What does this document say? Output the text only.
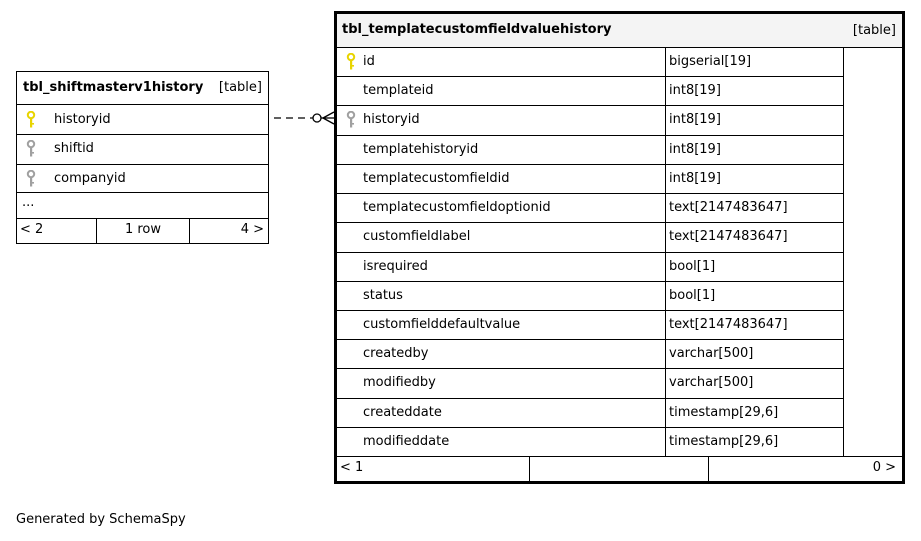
tbl_shiftmasterv1history [table]
historyid
shiftid
companyid
...
< 2	1 row	4 >
tbl_templatecustomfieldvaluehistory	[table]
id	bigserial[19]
templateid	int8[19]
historyid	int8[19]
templatehistoryid	int8[19]
templatecustomfieldid	int8[19]
templatecustomfieldoptionid	text[2147483647]
customfieldlabel	text[2147483647]
isrequired	bool[1]
status	bool[1]
customfielddefaultvalue	text[2147483647]
createdby	varchar[500]
modifiedby	varchar[500]
createddate	timestamp[29,6]
modifieddate	timestamp[29,6]
< 1	0 >
Generated by SchemaSpy
